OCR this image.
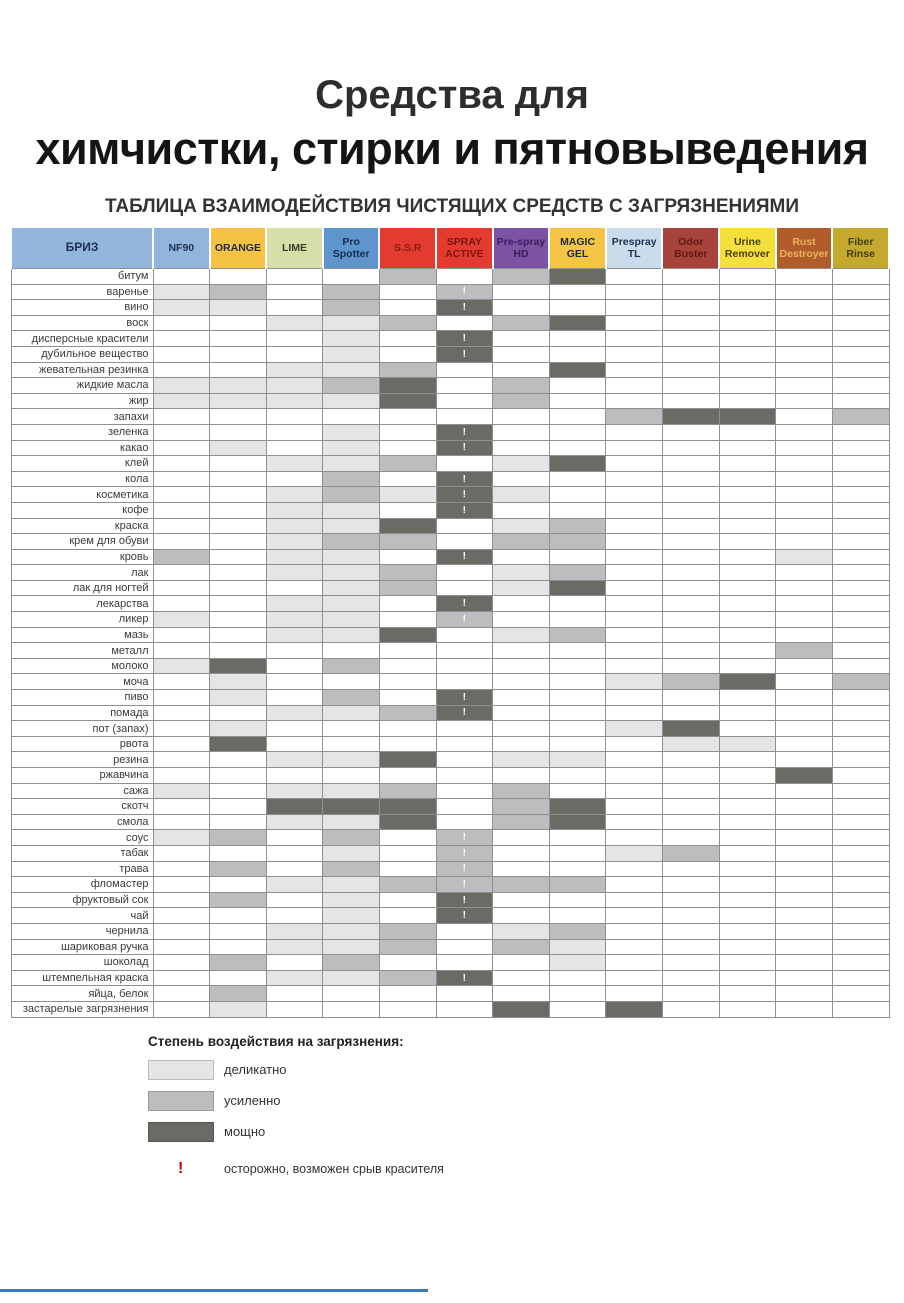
Средства для
химчистки, стирки и пятновыведения
ТАБЛИЦА ВЗАИМОДЕЙСТВИЯ ЧИСТЯЩИХ СРЕДСТВ С ЗАГРЯЗНЕНИЯМИ
БРИЗ	NF90	ORANGE	LIME	Pro Spotter	S.S.R	SPRAY ACTIVE	Pre-spray HD	MAGIC GEL	Prespray TL	Odor Buster	Urine Remover	Rust Destroyer	Fiber Rinse
битум													
варенье						!							
вино						!							
воск													
дисперсные красители						!							
дубильное вещество						!							
жевательная резинка													
жидкие масла													
жир													
запахи													
зеленка						!							
какао						!							
клей													
кола						!							
косметика						!							
кофе						!							
краска													
крем для обуви													
кровь						!							
лак													
лак для ногтей													
лекарства						!							
ликер						!							
мазь													
металл													
молоко													
моча													
пиво						!							
помада						!							
пот (запах)													
рвота													
резина													
ржавчина													
сажа													
скотч													
смола													
соус						!							
табак						!							
трава						!							
фломастер						!							
фруктовый сок						!							
чай						!							
чернила													
шариковая ручка													
шоколад													
штемпельная краска						!							
яйца, белок													
застарелые загрязнения													
Степень воздействия на загрязнения:
деликатно
усиленно
мощно
!	осторожно, возможен срыв красителя
